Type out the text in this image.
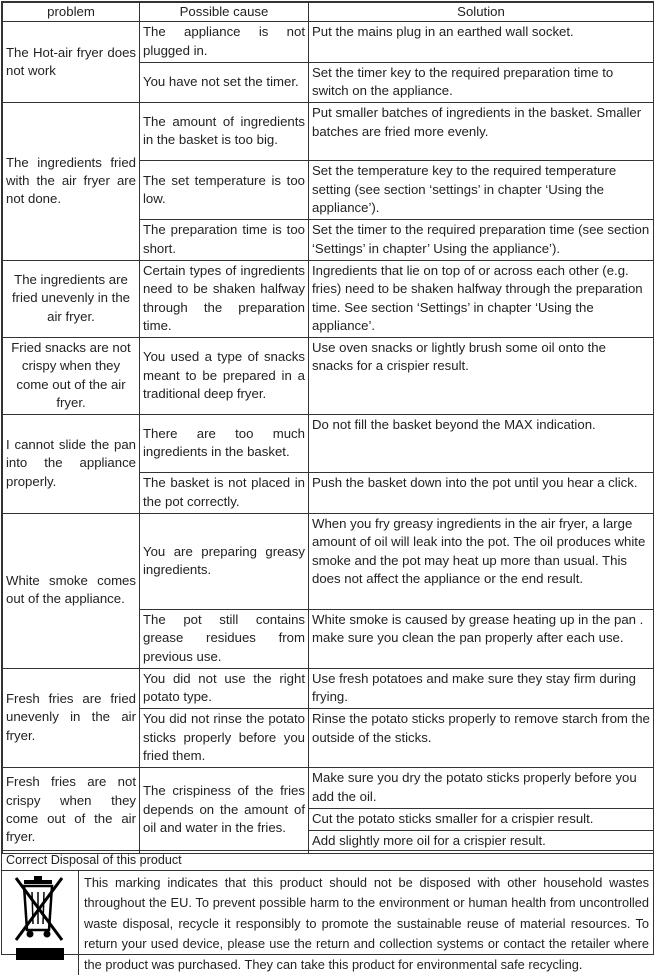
problem	Possible cause	Solution
The Hot-air fryer does not work	The appliance is not plugged in.	Put the mains plug in an earthed wall socket.
	You have not set the timer.	Set the timer key to the required preparation time to switch on the appliance.
The ingredients fried with the air fryer are not done.	The amount of ingredients in the basket is too big.	Put smaller batches of ingredients in the basket. Smaller batches are fried more evenly.
	The set temperature is too low.	Set the temperature key to the required temperature setting (see section ‘settings’ in chapter ‘Using the appliance’).
	The preparation time is too short.	Set the timer to the required preparation time (see section ‘Settings’ in chapter’ Using the appliance’).
The ingredients are fried unevenly in the air fryer.	Certain types of ingredients need to be shaken halfway through the preparation time.	Ingredients that lie on top of or across each other (e.g. fries) need to be shaken halfway through the preparation time. See section ‘Settings’ in chapter ‘Using the appliance’.
Fried snacks are not crispy when they come out of the air fryer.	You used a type of snacks meant to be prepared in a traditional deep fryer.	Use oven snacks or lightly brush some oil onto the snacks for a crispier result.
I cannot slide the pan into the appliance properly.	There are too much ingredients in the basket.	Do not fill the basket beyond the MAX indication.
	The basket is not placed in the pot correctly.	Push the basket down into the pot until you hear a click.
White smoke comes out of the appliance.	You are preparing greasy ingredients.	When you fry greasy ingredients in the air fryer, a large amount of oil will leak into the pot. The oil produces white smoke and the pot may heat up more than usual. This does not affect the appliance or the end result.
	The pot still contains grease residues from previous use.	White smoke is caused by grease heating up in the pan . make sure you clean the pan properly after each use.
Fresh fries are fried unevenly in the air fryer.	You did not use the right potato type.	Use fresh potatoes and make sure they stay firm during frying.
	You did not rinse the potato sticks properly before you fried them.	Rinse the potato sticks properly to remove starch from the outside of the sticks.
Fresh fries are not crispy when they come out of the air fryer.	The crispiness of the fries depends on the amount of oil and water in the fries.	Make sure you dry the potato sticks properly before you add the oil.
		Cut the potato sticks smaller for a crispier result.
		Add slightly more oil for a crispier result.
Correct Disposal of this product
This marking indicates that this product should not be disposed with other household wastes throughout the EU. To prevent possible harm to the environment or human health from uncontrolled waste disposal, recycle it responsibly to promote the sustainable reuse of material resources. To return your used device, please use the return and collection systems or contact the retailer where the product was purchased. They can take this product for environmental safe recycling.
